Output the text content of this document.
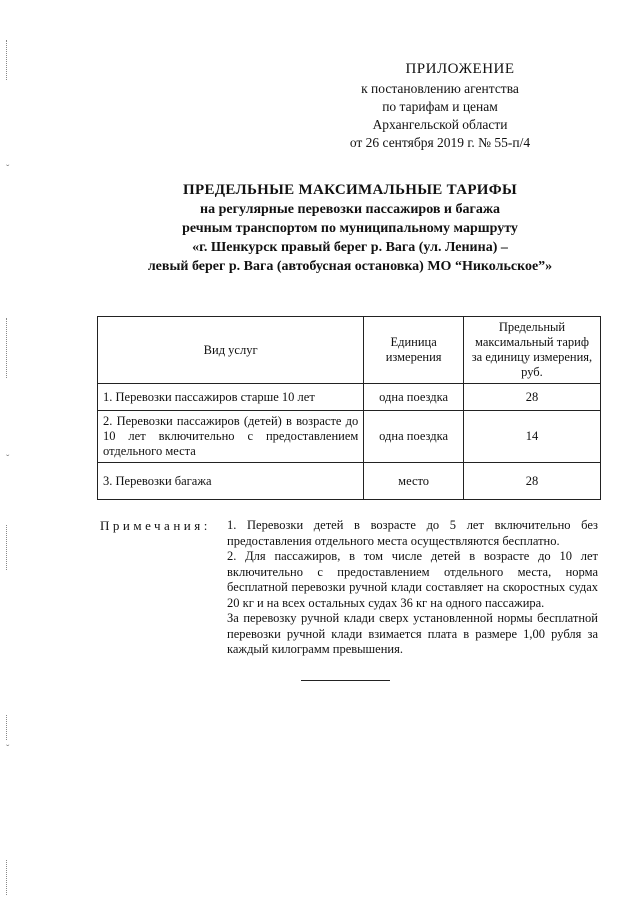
ˇ
ˇ
ˇ
ПРИЛОЖЕНИЕ
к постановлению агентства
по тарифам и ценам
Архангельской области
от 26 сентября 2019 г. № 55-п/4
ПРЕДЕЛЬНЫЕ МАКСИМАЛЬНЫЕ ТАРИФЫ
на регулярные перевозки пассажиров и багажа
речным транспортом по муниципальному маршруту
«г. Шенкурск правый берег р. Вага (ул. Ленина) –
левый берег р. Вага (автобусная остановка) МО “Никольское”»
Вид услуг	Единица измерения	Предельный максимальный тариф за единицу измерения, руб.
1. Перевозки пассажиров старше 10 лет	одна поездка	28
2. Перевозки пассажиров (детей) в возрасте до 10 лет включительно с предоставлением отдельного места	одна поездка	14
3. Перевозки багажа	место	28
Примечания: 1. Перевозки детей в возрасте до 5 лет включительно без предоставления отдельного места осуществляются бесплатно.

2. Для пассажиров, в том числе детей в возрасте до 10 лет включительно с предоставлением отдельного места, норма бесплатной перевозки ручной клади составляет на скоростных судах 20 кг и на всех остальных судах 36 кг на одного пассажира.

За перевозку ручной клади сверх установленной нормы бесплатной перевозки ручной клади взимается плата в размере 1,00 рубля за каждый килограмм превышения.
